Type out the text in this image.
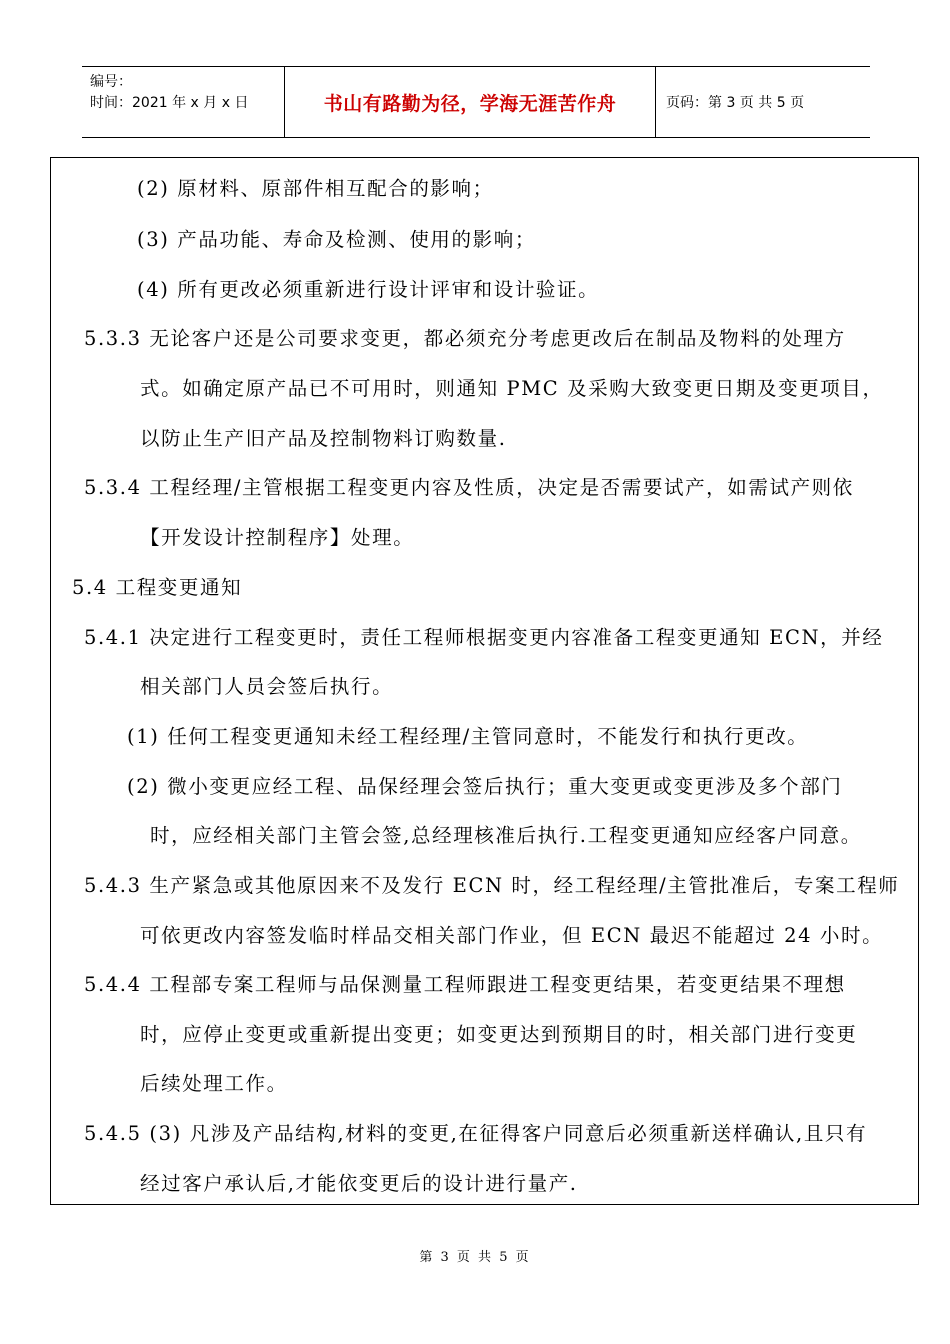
编号：
时间：2021 年 x 月 x 日	书山有路勤为径，学海无涯苦作舟	页码：第 3 页 共 5 页
(2) 原材料、原部件相互配合的影响；
(3) 产品功能、寿命及检测、使用的影响；
(4) 所有更改必须重新进行设计评审和设计验证。
5.3.3 无论客户还是公司要求变更，都必须充分考虑更改后在制品及物料的处理方
式。如确定原产品已不可用时，则通知 PMC 及采购大致变更日期及变更项目，
以防止生产旧产品及控制物料订购数量.
5.3.4 工程经理/主管根据工程变更内容及性质，决定是否需要试产，如需试产则依
【开发设计控制程序】处理。
5.4 工程变更通知
5.4.1 决定进行工程变更时，责任工程师根据变更内容准备工程变更通知 ECN，并经
相关部门人员会签后执行。
(1) 任何工程变更通知未经工程经理/主管同意时，不能发行和执行更改。
(2) 微小变更应经工程、品保经理会签后执行；重大变更或变更涉及多个部门
时，应经相关部门主管会签,总经理核准后执行.工程变更通知应经客户同意。
5.4.3 生产紧急或其他原因来不及发行 ECN 时，经工程经理/主管批准后，专案工程师
可依更改内容签发临时样品交相关部门作业，但 ECN 最迟不能超过 24 小时。
5.4.4 工程部专案工程师与品保测量工程师跟进工程变更结果，若变更结果不理想
时，应停止变更或重新提出变更；如变更达到预期目的时，相关部门进行变更
后续处理工作。
5.4.5 (3) 凡涉及产品结构,材料的变更,在征得客户同意后必须重新送样确认,且只有
经过客户承认后,才能依变更后的设计进行量产.
第 3 页 共 5 页
